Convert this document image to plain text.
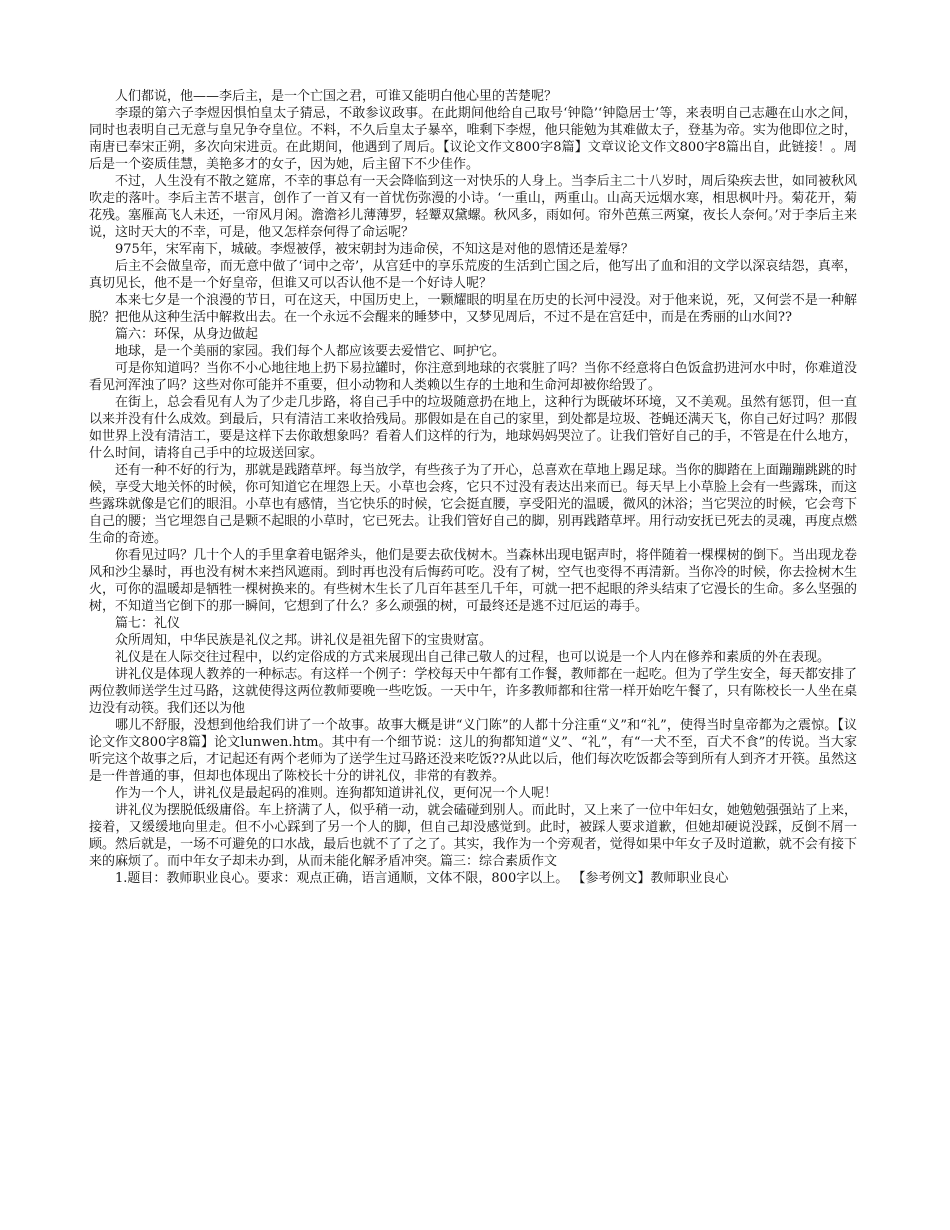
人们都说，他——李后主，是一个亡国之君，可谁又能明白他心里的苦楚呢？

李璟的第六子李煜因惧怕皇太子猜忌，不敢参议政事。在此期间他给自己取号‘钟隐’‘钟隐居士’等，来表明自己志趣在山水之间，同时也表明自己无意与皇兄争夺皇位。不料，不久后皇太子暴卒，唯剩下李煜，他只能勉为其难做太子，登基为帝。实为他即位之时，南唐已奉宋正朔，多次向宋进贡。在此期间，他遇到了周后。【议论文作文800字8篇】文章议论文作文800字8篇出自，此链接！。周后是一个姿质佳慧，美艳多才的女子，因为她，后主留下不少佳作。

不过，人生没有不散之筵席，不幸的事总有一天会降临到这一对快乐的人身上。当李后主二十八岁时，周后染疾去世，如同被秋风吹走的落叶。李后主苦不堪言，创作了一首又有一首忧伤弥漫的小诗。‘一重山，两重山。山高天远烟水寒，相思枫叶丹。菊花开，菊花残。塞雁高飞人未还，一帘风月闲。澹澹衫儿薄薄罗，轻颦双黛螺。秋风多，雨如何。帘外芭蕉三两窠，夜长人奈何。’对于李后主来说，这时天大的不幸，可是，他又怎样奈何得了命运呢？

975年，宋军南下，城破。李煜被俘，被宋朝封为违命侯，不知这是对他的恩情还是羞辱？

后主不会做皇帝，而无意中做了‘词中之帝’，从宫廷中的享乐荒废的生活到亡国之后，他写出了血和泪的文学以深哀结怨，真率，真切见长，他不是一个好皇帝，但谁又可以否认他不是一个好诗人呢？

本来七夕是一个浪漫的节日，可在这天，中国历史上，一颗耀眼的明星在历史的长河中浸没。对于他来说，死，又何尝不是一种解脱？把他从这种生活中解救出去。在一个永远不会醒来的睡梦中，又梦见周后，不过不是在宫廷中，而是在秀丽的山水间??

篇六：环保，从身边做起

地球，是一个美丽的家园。我们每个人都应该要去爱惜它、呵护它。

可是你知道吗？当你不小心地往地上扔下易拉罐时，你注意到地球的衣裳脏了吗？当你不经意将白色饭盒扔进河水中时，你难道没看见河浑浊了吗？这些对你可能并不重要，但小动物和人类赖以生存的土地和生命河却被你给毁了。

在街上，总会看见有人为了少走几步路，将自己手中的垃圾随意扔在地上，这种行为既破坏环境，又不美观。虽然有惩罚，但一直以来并没有什么成效。到最后，只有清洁工来收拾残局。那假如是在自己的家里，到处都是垃圾、苍蝇还满天飞，你自己好过吗？那假如世界上没有清洁工，要是这样下去你敢想象吗？看着人们这样的行为，地球妈妈哭泣了。让我们管好自己的手，不管是在什么地方，什么时间，请将自己手中的垃圾送回家。

还有一种不好的行为，那就是践踏草坪。每当放学，有些孩子为了开心，总喜欢在草地上踢足球。当你的脚踏在上面蹦蹦跳跳的时候，享受大地关怀的时候，你可知道它在埋怨上天。小草也会疼，它只不过没有表达出来而已。每天早上小草脸上会有一些露珠，而这些露珠就像是它们的眼泪。小草也有感情，当它快乐的时候，它会挺直腰，享受阳光的温暖，微风的沐浴；当它哭泣的时候，它会弯下自己的腰；当它埋怨自己是颗不起眼的小草时，它已死去。让我们管好自己的脚，别再践踏草坪。用行动安抚已死去的灵魂，再度点燃生命的奇迹。

你看见过吗？几十个人的手里拿着电锯斧头，他们是要去砍伐树木。当森林出现电锯声时，将伴随着一棵棵树的倒下。当出现龙卷风和沙尘暴时，再也没有树木来挡风遮雨。到时再也没有后悔药可吃。没有了树，空气也变得不再清新。当你冷的时候，你去捡树木生火，可你的温暖却是牺牲一棵树换来的。有些树木生长了几百年甚至几千年，可就一把不起眼的斧头结束了它漫长的生命。多么坚强的树，不知道当它倒下的那一瞬间，它想到了什么？多么顽强的树，可最终还是逃不过厄运的毒手。

篇七：礼仪

众所周知，中华民族是礼仪之邦。讲礼仪是祖先留下的宝贵财富。

礼仪是在人际交往过程中，以约定俗成的方式来展现出自己律己敬人的过程，也可以说是一个人内在修养和素质的外在表现。

讲礼仪是体现人教养的一种标志。有这样一个例子：学校每天中午都有工作餐，教师都在一起吃。但为了学生安全，每天都安排了两位教师送学生过马路，这就使得这两位教师要晚一些吃饭。一天中午，许多教师都和往常一样开始吃午餐了，只有陈校长一人坐在桌边没有动筷。我们还以为他

哪儿不舒服，没想到他给我们讲了一个故事。故事大概是讲“义门陈”的人都十分注重“义”和“礼”，使得当时皇帝都为之震惊。【议论文作文800字8篇】论文lunwen.htm。其中有一个细节说：这儿的狗都知道“义”、“礼”，有“一犬不至，百犬不食”的传说。当大家听完这个故事之后，才记起还有两个老师为了送学生过马路还没来吃饭??从此以后，他们每次吃饭都会等到所有人到齐才开筷。虽然这是一件普通的事，但却也体现出了陈校长十分的讲礼仪，非常的有教养。

作为一个人，讲礼仪是最起码的准则。连狗都知道讲礼仪，更何况一个人呢！

讲礼仪为摆脱低级庸俗。车上挤满了人，似乎稍一动，就会磕碰到别人。而此时，又上来了一位中年妇女，她勉勉强强站了上来，接着，又缓缓地向里走。但不小心踩到了另一个人的脚，但自己却没感觉到。此时，被踩人要求道歉，但她却硬说没踩，反倒不屑一顾。然后就是，一场不可避免的口水战，最后也就不了了之了。其实，我作为一个旁观者，觉得如果中年女子及时道歉，就不会有接下来的麻烦了。而中年女子却未办到，从而未能化解矛盾冲突。篇三：综合素质作文

1.题目：教师职业良心。要求：观点正确，语言通顺，文体不限，800字以上。 【参考例文】教师职业良心
